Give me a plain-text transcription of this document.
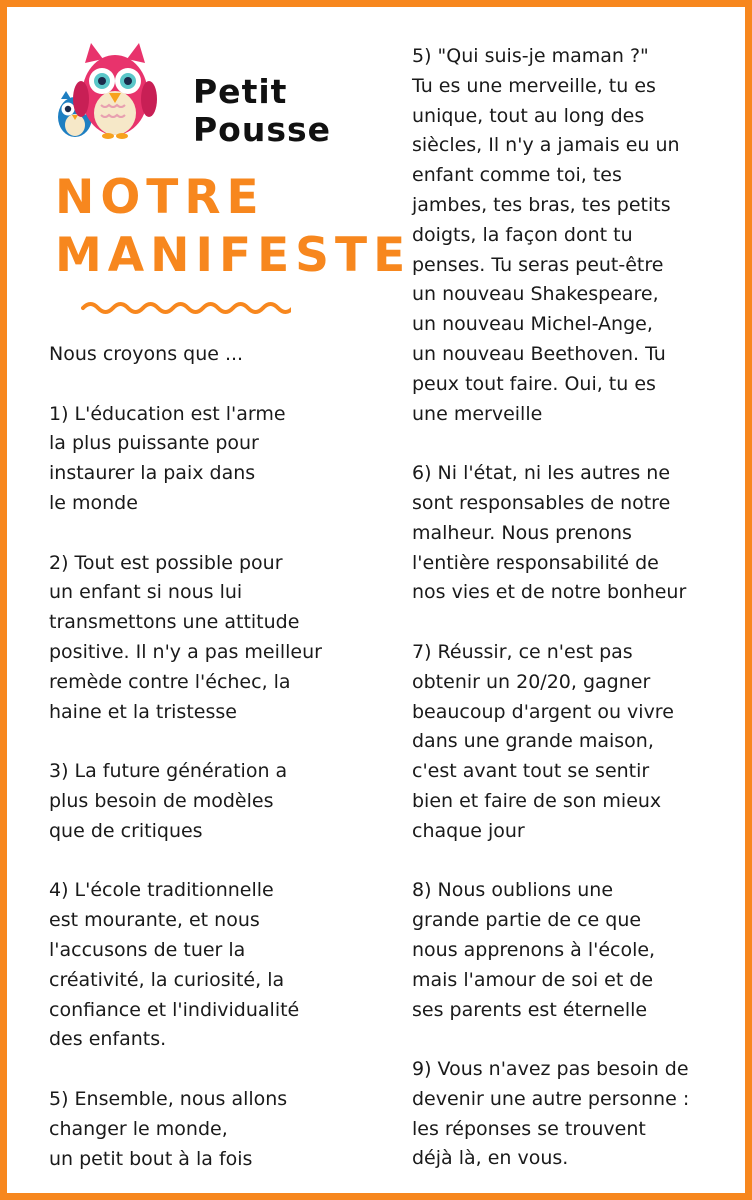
Petit
Pousse
NOTRE
MANIFESTE
Nous croyons que ...
1) L'éducation est l'arme
la plus puissante pour
instaurer la paix dans
le monde
2) Tout est possible pour
un enfant si nous lui
transmettons une attitude
positive. Il n'y a pas meilleur
remède contre l'échec, la
haine et la tristesse
3) La future génération a
plus besoin de modèles
que de critiques
4) L'école traditionnelle
est mourante, et nous
l'accusons de tuer la
créativité, la curiosité, la
confiance et l'individualité
des enfants.
5) Ensemble, nous allons
changer le monde,
un petit bout à la fois
5) "Qui suis-je maman ?"
Tu es une merveille, tu es
unique, tout au long des
siècles, Il n'y a jamais eu un
enfant comme toi, tes
jambes, tes bras, tes petits
doigts, la façon dont tu
penses. Tu seras peut-être
un nouveau Shakespeare,
un nouveau Michel-Ange,
un nouveau Beethoven. Tu
peux tout faire. Oui, tu es
une merveille
6) Ni l'état, ni les autres ne
sont responsables de notre
malheur. Nous prenons
l'entière responsabilité de
nos vies et de notre bonheur
7) Réussir, ce n'est pas
obtenir un 20/20, gagner
beaucoup d'argent ou vivre
dans une grande maison,
c'est avant tout se sentir
bien et faire de son mieux
chaque jour
8) Nous oublions une
grande partie de ce que
nous apprenons à l'école,
mais l'amour de soi et de
ses parents est éternelle
9) Vous n'avez pas besoin de
devenir une autre personne :
les réponses se trouvent
déjà là, en vous.
